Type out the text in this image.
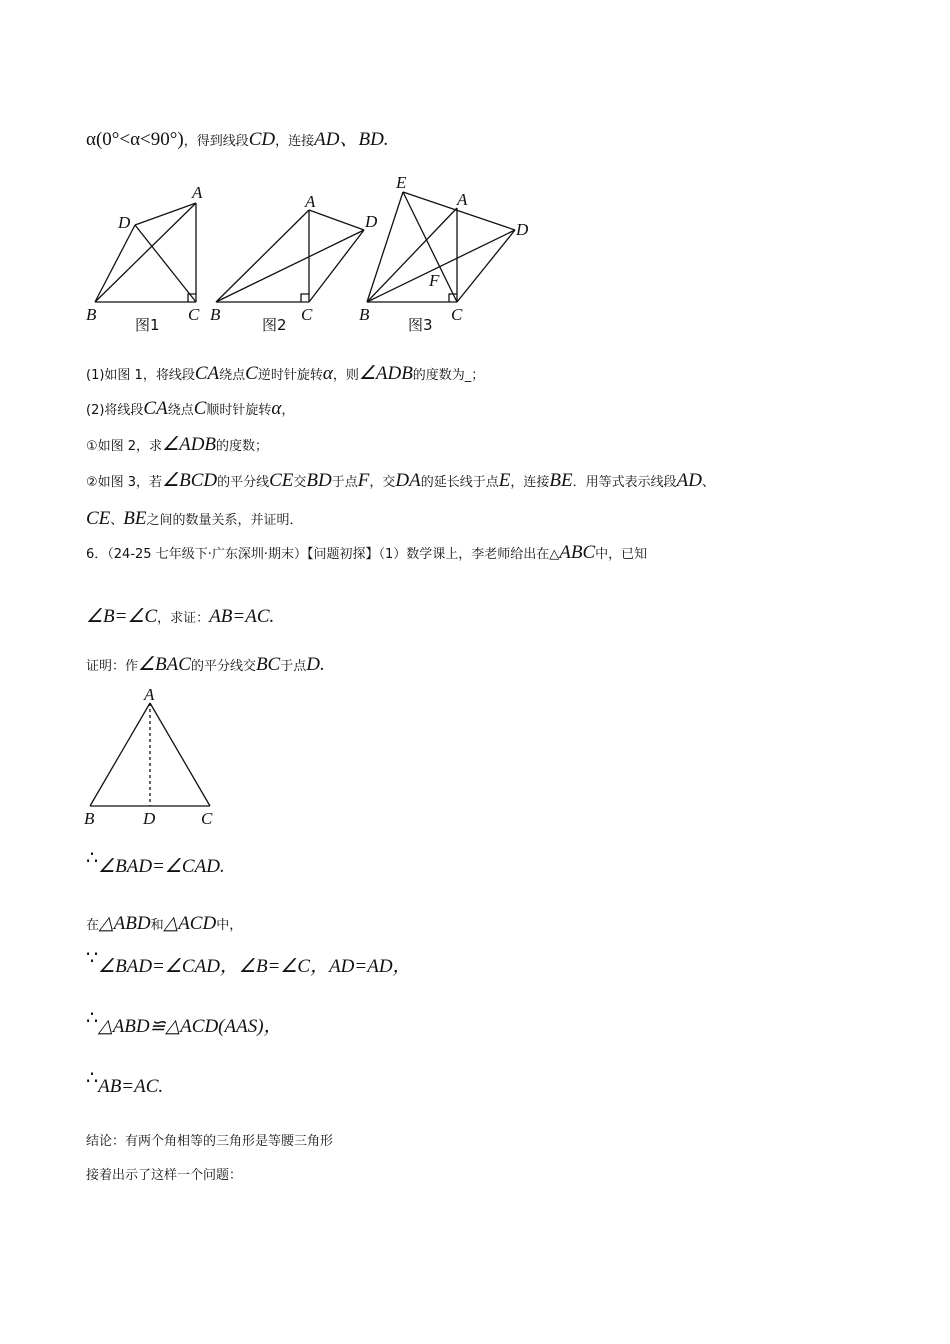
α(0°<α<90°)，得到线段CD，连接AD、BD.
A
D
B	C
图1
A
D
B	C
图2
E
A
D
F
B	C
图3
(1)如图 1，将线段CA绕点C逆时针旋转α，则∠ADB的度数为_；
(2)将线段CA绕点C顺时针旋转α，
①如图 2，求∠ADB的度数；
②如图 3，若∠BCD的平分线CE交BD于点F，交DA的延长线于点E，连接BE．用等式表示线段AD、
CE、BE之间的数量关系，并证明．
6．（24-25 七年级下·广东深圳·期末）【问题初探】（1）数学课上，李老师给出在△ABC中，已知
∠B=∠C，求证：AB=AC.
证明：作∠BAC的平分线交BC于点D.
A
B	D	C
∴∠BAD=∠CAD.
在△ABD和△ACD中，
∵∠BAD=∠CAD，∠B=∠C，AD=AD，
∴△ABD≌△ACD(AAS)，
∴AB=AC.
结论：有两个角相等的三角形是等腰三角形
接着出示了这样一个问题：
